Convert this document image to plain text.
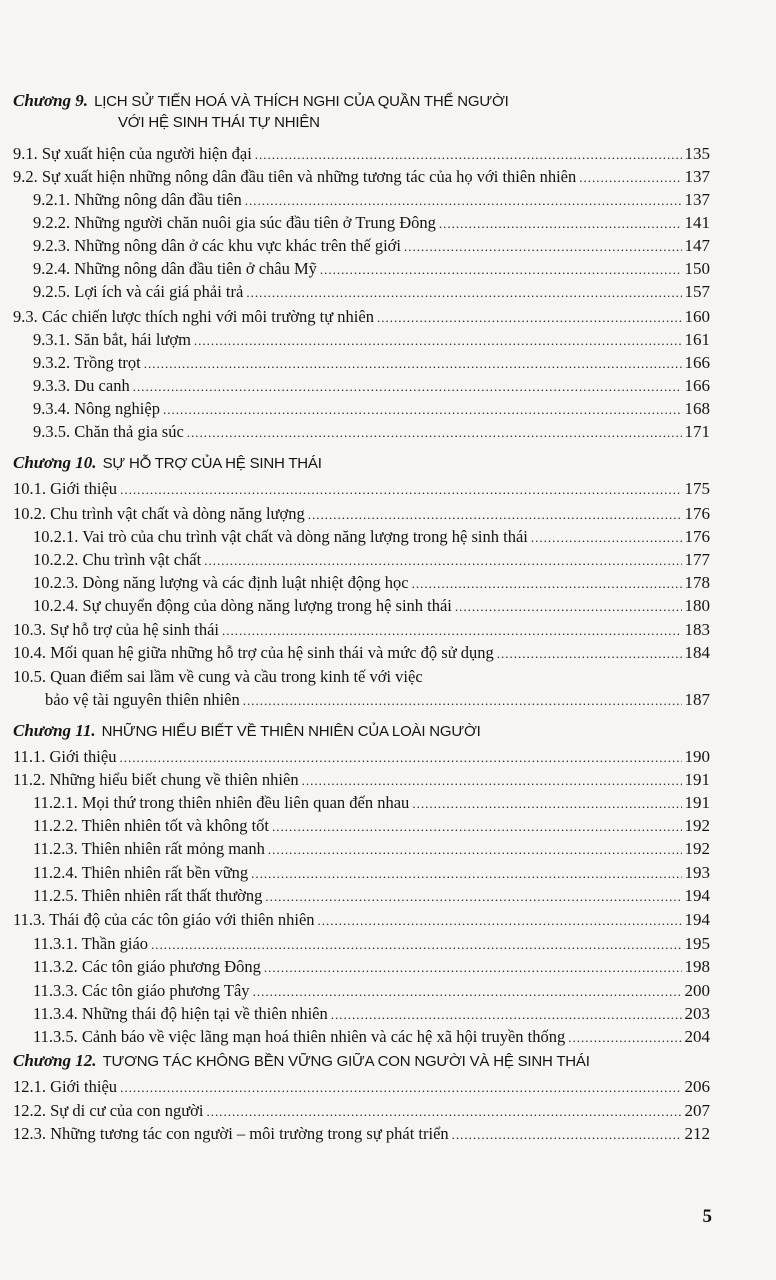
Chương 9. LỊCH SỬ TIẾN HOÁ VÀ THÍCH NGHI CỦA QUẦN THỂ NGƯỜI
VỚI HỆ SINH THÁI TỰ NHIÊN
9.1. Sự xuất hiện của người hiện đại .....	135
9.2. Sự xuất hiện những nông dân đầu tiên và những tương tác của họ với thiên nhiên .....	137
9.2.1. Những nông dân đầu tiên .....	137
9.2.2. Những người chăn nuôi gia súc đầu tiên ở Trung Đông .....	141
9.2.3. Những nông dân ở các khu vực khác trên thế giới .....	147
9.2.4. Những nông dân đầu tiên ở châu Mỹ .....	150
9.2.5. Lợi ích và cái giá phải trả .....	157
9.3. Các chiến lược thích nghi với môi trường tự nhiên .....	160
9.3.1. Săn bắt, hái lượm .....	161
9.3.2. Trồng trọt .....	166
9.3.3. Du canh .....	166
9.3.4. Nông nghiệp .....	168
9.3.5. Chăn thả gia súc .....	171
Chương 10. SỰ HỖ TRỢ CỦA HỆ SINH THÁI
10.1. Giới thiệu .....	175
10.2. Chu trình vật chất và dòng năng lượng .....	176
10.2.1. Vai trò của chu trình vật chất và dòng năng lượng trong hệ sinh thái .....	176
10.2.2. Chu trình vật chất .....	177
10.2.3. Dòng năng lượng và các định luật nhiệt động học .....	178
10.2.4. Sự chuyển động của dòng năng lượng trong hệ sinh thái .....	180
10.3. Sự hỗ trợ của hệ sinh thái .....	183
10.4. Mối quan hệ giữa những hỗ trợ của hệ sinh thái và mức độ sử dụng .....	184
10.5. Quan điểm sai lầm về cung và cầu trong kinh tế với việc
bảo vệ tài nguyên thiên nhiên .....	187
Chương 11. NHỮNG HIỂU BIẾT VỀ THIÊN NHIÊN CỦA LOÀI NGƯỜI
11.1. Giới thiệu .....	190
11.2. Những hiểu biết chung về thiên nhiên .....	191
11.2.1. Mọi thứ trong thiên nhiên đều liên quan đến nhau .....	191
11.2.2. Thiên nhiên tốt và không tốt .....	192
11.2.3. Thiên nhiên rất mỏng manh .....	192
11.2.4. Thiên nhiên rất bền vững .....	193
11.2.5. Thiên nhiên rất thất thường .....	194
11.3. Thái độ của các tôn giáo với thiên nhiên .....	194
11.3.1. Thần giáo .....	195
11.3.2. Các tôn giáo phương Đông .....	198
11.3.3. Các tôn giáo phương Tây .....	200
11.3.4. Những thái độ hiện tại về thiên nhiên .....	203
11.3.5. Cảnh báo về việc lãng mạn hoá thiên nhiên và các hệ xã hội truyền thống .....	204
Chương 12. TƯƠNG TÁC KHÔNG BỀN VỮNG GIỮA CON NGƯỜI VÀ HỆ SINH THÁI
12.1. Giới thiệu .....	206
12.2. Sự di cư của con người .....	207
12.3. Những tương tác con người – môi trường trong sự phát triển .....	212
5
